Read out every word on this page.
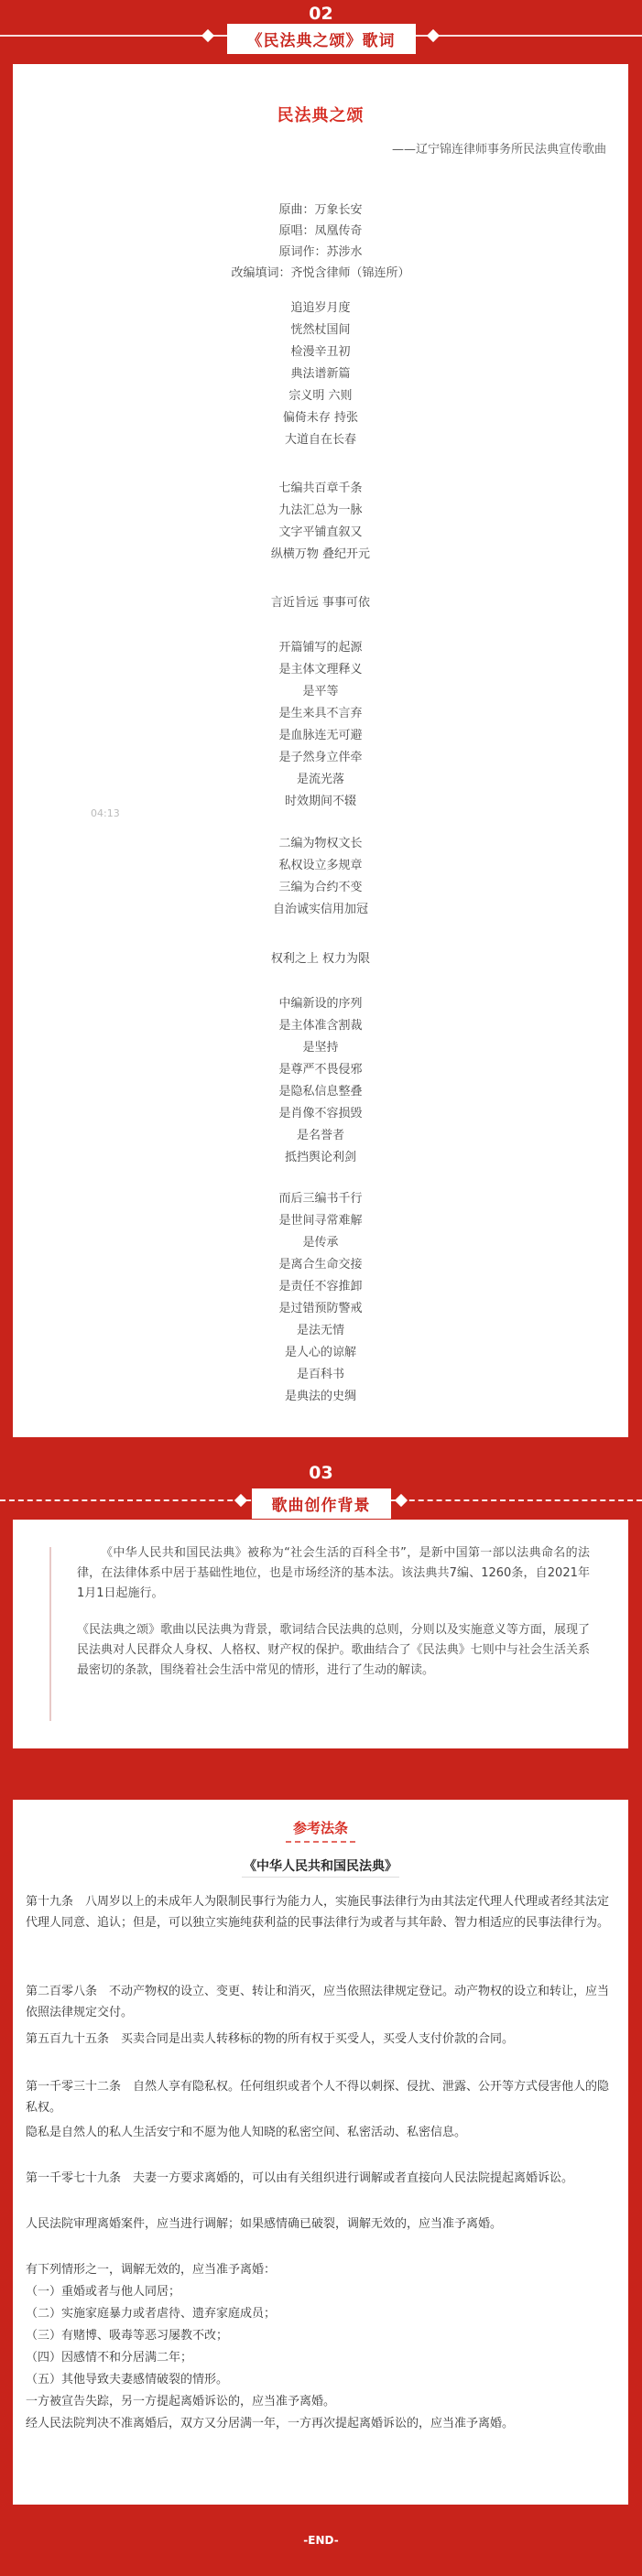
02
《民法典之颂》歌词
民法典之颂
——辽宁锦连律师事务所民法典宣传歌曲
原曲：万象长安
原唱：凤凰传奇
原词作：苏涉水
改编填词：齐悦含律师（锦连所）
追追岁月度
恍然杖国间
检漫辛丑初
典法谱新篇
宗义明 六则
偏倚未存 持张
大道自在长春
七编共百章千条
九法汇总为一脉
文字平铺直叙又
纵横万物 叠纪开元
言近旨远 事事可依
开篇铺写的起源
是主体文理释义
是平等
是生来具不言弃
是血脉连无可避
是子然身立伴牵
是流光落
时效期间不辍
04:13
二编为物权文长
私权设立多规章
三编为合约不变
自治诚实信用加冠
权利之上 权力为限
中编新设的序列
是主体准含割裁
是坚持
是尊严不畏侵邪
是隐私信息整叠
是肖像不容损毁
是名誉者
抵挡舆论利剑
而后三编书千行
是世间寻常难解
是传承
是离合生命交接
是责任不容推卸
是过错预防警戒
是法无情
是人心的谅解
是百科书
是典法的史绸
03
歌曲创作背景

《中华人民共和国民法典》被称为“社会生活的百科全书”，是新中国第一部以法典命名的法律，在法律体系中居于基础性地位，也是市场经济的基本法。该法典共7编、1260条，自2021年1月1日起施行。

《民法典之颂》歌曲以民法典为背景，歌词结合民法典的总则，分则以及实施意义等方面，展现了民法典对人民群众人身权、人格权、财产权的保护。歌曲结合了《民法典》七则中与社会生活关系最密切的条款，围绕着社会生活中常见的情形，进行了生动的解读。

参考法条
《中华人民共和国民法典》
第十九条　八周岁以上的未成年人为限制民事行为能力人，实施民事法律行为由其法定代理人代理或者经其法定代理人同意、追认；但是，可以独立实施纯获利益的民事法律行为或者与其年龄、智力相适应的民事法律行为。
第二百零八条　不动产物权的设立、变更、转让和消灭，应当依照法律规定登记。动产物权的设立和转让，应当依照法律规定交付。
第五百九十五条　买卖合同是出卖人转移标的物的所有权于买受人，买受人支付价款的合同。
第一千零三十二条　自然人享有隐私权。任何组织或者个人不得以刺探、侵扰、泄露、公开等方式侵害他人的隐私权。
隐私是自然人的私人生活安宁和不愿为他人知晓的私密空间、私密活动、私密信息。
第一千零七十九条　夫妻一方要求离婚的，可以由有关组织进行调解或者直接向人民法院提起离婚诉讼。
人民法院审理离婚案件，应当进行调解；如果感情确已破裂，调解无效的，应当准予离婚。
有下列情形之一，调解无效的，应当准予离婚：
（一）重婚或者与他人同居；
（二）实施家庭暴力或者虐待、遗弃家庭成员；
（三）有赌博、吸毒等恶习屡教不改；
（四）因感情不和分居满二年；
（五）其他导致夫妻感情破裂的情形。
一方被宣告失踪，另一方提起离婚诉讼的，应当准予离婚。
经人民法院判决不准离婚后，双方又分居满一年，一方再次提起离婚诉讼的，应当准予离婚。
-END-
